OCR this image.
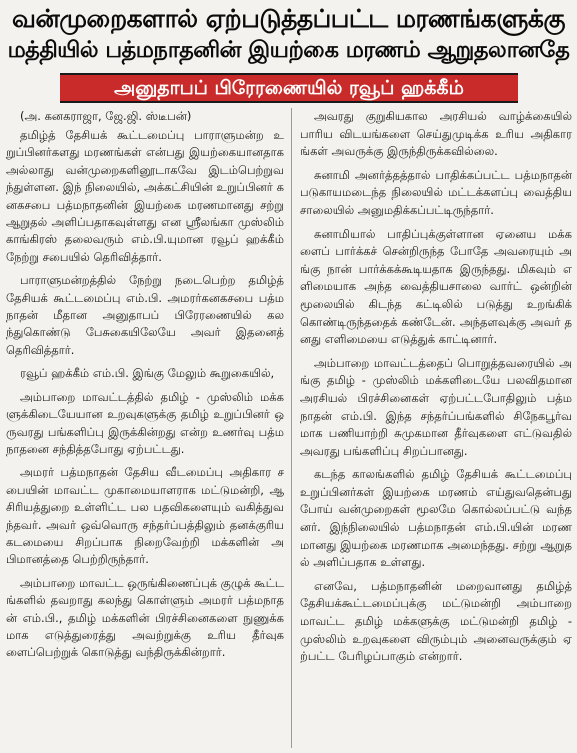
வன்முறைகளால் ஏற்படுத்தப்பட்ட மரணங்களுக்கு
மத்தியில் பத்மநாதனின் இயற்கை மரணம் ஆறுதலானதே
அனுதாபப் பிரேரணையில் ரவூப் ஹக்கீம்

(அ. கனகராஜா, ஜே.ஜி. ஸ்டீபன்)

தமிழ்த் தேசியக் கூட்டமைப்பு பாராளுமன்ற உறுப்பினர்களது மரணங்கள் என்பது இயற்கையானதாக அல்லாது வன்முறைகளினூடாகவே இடம்பெற்றுவந்துள்ளன. இந் நிலையில், அக்கட்சியின் உறுப்பினர் கனகசபை பத்மநாதனின் இயற்கை மரணமானது சற்று ஆறுதல் அளிப்பதாகவுள்ளது என ஸ்ரீலங்கா முஸ்லிம் காங்கிரஸ் தலைவரும் எம்.பி.யுமான ரவூப் ஹக்கீம் நேற்று சபையில் தெரிவித்தார்.

பாராளுமன்றத்தில் நேற்று நடைபெற்ற தமிழ்த் தேசியக் கூட்டமைப்பு எம்.பி. அமரர்கனகசபை பத்மநாதன் மீதான அனுதாபப் பிரேரணையில் கலந்துகொண்டு பேசுகையிலேயே அவர் இதனைத் தெரிவித்தார்.

ரவூப் ஹக்கீம் எம்.பி. இங்கு மேலும் கூறுகையில்,

அம்பாறை மாவட்டத்தில் தமிழ் - முஸ்லிம் மக்களுக்கிடையேயான உறவுகளுக்கு தமிழ் உறுப்பினர் ஒருவரது பங்களிப்பு இருக்கின்றது என்ற உணர்வு பத்மநாதனை சந்தித்தபோது ஏற்பட்டது.

அமரர் பத்மநாதன் தேசிய வீடமைப்பு அதிகார சபையின் மாவட்ட முகாமையாளராக மட்டுமன்றி, ஆசிரியத்துறை உள்ளிட்ட பல பதவிகளையும் வகித்துவந்தவர். அவர் ஒவ்வொரு சந்தர்ப்பத்திலும் தனக்குரிய கடமையை சிறப்பாக நிறைவேற்றி மக்களின் அபிமானத்தை பெற்றிருந்தார்.

அம்பாறை மாவட்ட ஒருங்கிணைப்புக் குழுக் கூட்டங்களில் தவறாது கலந்து கொள்ளும் அமரர் பத்மநாதன் எம்.பி., தமிழ் மக்களின் பிரச்சினைகளை நுணுக்கமாக எடுத்துரைத்து அவற்றுக்கு உரிய தீர்வுகளைப்பெற்றுக் கொடுத்து வந்திருக்கின்றார்.

அவரது குறுகியகால அரசியல் வாழ்க்கையில் பாரிய விடயங்களை செய்துமுடிக்க உரிய அதிகாரங்கள் அவருக்கு இருந்திருக்கவில்லை.

சுனாமி அனர்த்தத்தால் பாதிக்கப்பட்ட பத்மநாதன் படுகாயமடைந்த நிலையில் மட்டக்களப்பு வைத்தியசாலையில் அனுமதிக்கப்பட்டிருந்தார்.

சுனாமியால் பாதிப்புக்குள்ளான ஏனைய மக்களைப் பார்க்கச் சென்றிருந்த போதே அவரையும் அங்கு நான் பார்க்கக்கூடியதாக இருந்தது. மிகவும் எளிமையாக அந்த வைத்தியசாலை வார்ட் ஒன்றின் மூலையில் கிடந்த கட்டிலில் படுத்து உறங்கிக் கொண்டிருந்ததைக் கண்டேன். அந்தளவுக்கு அவர் தனது எளிமையை எடுத்துக் காட்டினார்.

அம்பாறை மாவட்டத்தைப் பொறுத்தவரையில் அங்கு தமிழ் - முஸ்லிம் மக்களிடையே பலவிதமான அரசியல் பிரச்சினைகள் ஏற்பட்டபோதிலும் பத்மநாதன் எம்.பி. இந்த சந்தர்ப்பங்களில் சிநேகபூர்வமாக பணியாற்றி சுமுகமான தீர்வுகளை எட்டுவதில் அவரது பங்களிப்பு சிறப்பானது.

கடந்த காலங்களில் தமிழ் தேசியக் கூட்டமைப்பு உறுப்பினர்கள் இயற்கை மரணம் எய்துவதென்பது போய் வன்முறைகள் மூலமே கொல்லப்பட்டு வந்தனர். இந்நிலையில் பத்மநாதன் எம்.பி.யின் மரணமானது இயற்கை மரணமாக அமைந்தது. சற்று ஆறுதல் அளிப்பதாக உள்ளது.

எனவே, பத்மநாதனின் மறைவானது தமிழ்த் தேசியக்கூட்டமைப்புக்கு மட்டுமன்றி அம்பாறை மாவட்ட தமிழ் மக்களுக்கு மட்டுமன்றி தமிழ் - முஸ்லிம் உறவுகளை விரும்பும் அனைவருக்கும் ஏற்பட்ட பேரிழப்பாகும் என்றார்.
